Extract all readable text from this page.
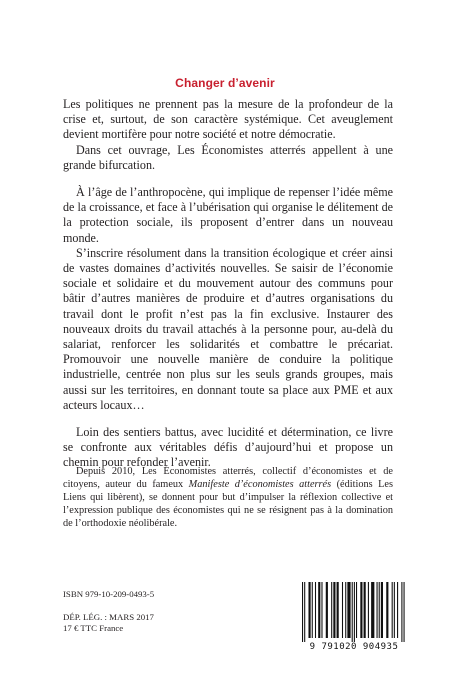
Changer d’avenir

Les politiques ne prennent pas la mesure de la profondeur de la crise et, surtout, de son caractère systémique. Cet aveuglement devient mortifère pour notre société et notre démocratie.

Dans cet ouvrage, Les Économistes atterrés appellent à une grande bifurcation.

À l’âge de l’anthropocène, qui implique de repenser l’idée même de la croissance, et face à l’ubérisation qui organise le délitement de la protection sociale, ils proposent d’entrer dans un nouveau monde.

S’inscrire résolument dans la transition écologique et créer ainsi de vastes domaines d’activités nouvelles. Se saisir de l’économie sociale et solidaire et du mouvement autour des communs pour bâtir d’autres manières de produire et d’autres organisations du travail dont le profit n’est pas la fin exclusive. Instaurer des nouveaux droits du travail attachés à la personne pour, au-delà du salariat, renforcer les solidarités et combattre le précariat. Promouvoir une nouvelle manière de conduire la politique industrielle, centrée non plus sur les seuls grands groupes, mais aussi sur les territoires, en donnant toute sa place aux PME et aux acteurs locaux…

Loin des sentiers battus, avec lucidité et détermination, ce livre se confronte aux véritables défis d’aujourd’hui et propose un chemin pour refonder l’avenir.

Depuis 2010, Les Économistes atterrés, collectif d’économistes et de citoyens, auteur du fameux Manifeste d’économistes atterrés (éditions Les Liens qui libèrent), se donnent pour but d’impulser la réflexion collective et l’expression publique des économistes qui ne se résignent pas à la domination de l’orthodoxie néolibérale.

ISBN 979-10-209-0493-5
DÉP. LÉG. : MARS 2017
17 € TTC France
9 791020 904935
